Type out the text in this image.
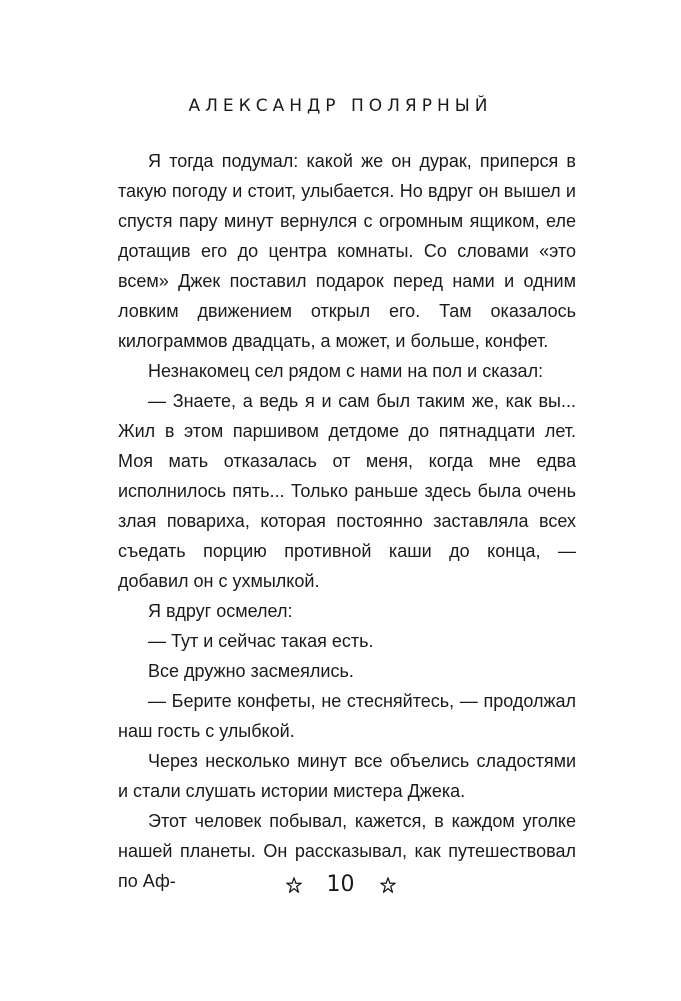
АЛЕКСАНДР ПОЛЯРНЫЙ

Я тогда подумал: какой же он дурак, приперся в такую погоду и стоит, улыбается. Но вдруг он вышел и спустя пару минут вернулся с огромным ящиком, еле дотащив его до центра комнаты. Со словами «это всем» Джек поставил подарок перед нами и одним ловким движением открыл его. Там оказалось килограммов двадцать, а может, и больше, конфет.

Незнакомец сел рядом с нами на пол и сказал:

— Знаете, а ведь я и сам был таким же, как вы... Жил в этом паршивом детдоме до пятнадцати лет. Моя мать отказалась от меня, когда мне едва исполнилось пять... Только раньше здесь была очень злая повариха, которая постоянно заставляла всех съедать порцию противной каши до конца, — добавил он с ухмылкой.

Я вдруг осмелел:

— Тут и сейчас такая есть.

Все дружно засмеялись.

— Берите конфеты, не стесняйтесь, — продолжал наш гость с улыбкой.

Через несколько минут все объелись сладостями и стали слушать истории мистера Джека.

Этот человек побывал, кажется, в каждом уголке нашей планеты. Он рассказывал, как путешествовал по Аф-	10
